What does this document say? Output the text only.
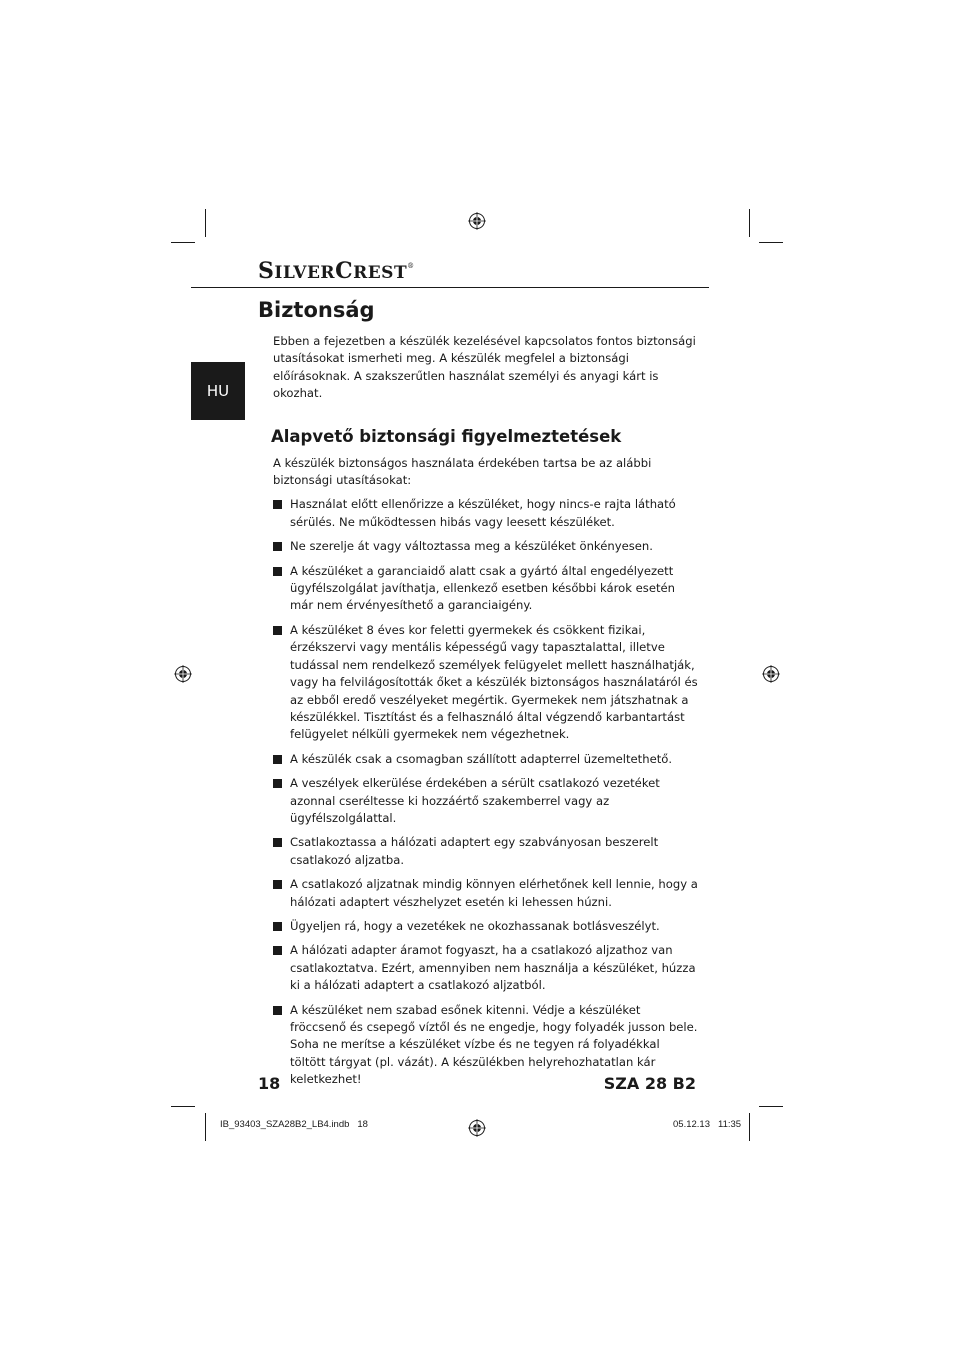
SILVERCREST®
Biztonság
HU

Ebben a fejezetben a készülék kezelésével kapcsolatos fontos biztonsági utasításokat ismerheti meg. A készülék megfelel a biztonsági előírásoknak. A szakszerűtlen használat személyi és anyagi kárt is okozhat.

Alapvető biztonsági figyelmeztetések

A készülék biztonságos használata érdekében tartsa be az alábbi biztonsági utasításokat:

Használat előtt ellenőrizze a készüléket, hogy nincs-e rajta látható sérülés. Ne működtessen hibás vagy leesett készüléket.
Ne szerelje át vagy változtassa meg a készüléket önkényesen.
A készüléket a garanciaidő alatt csak a gyártó által engedélyezett ügyfélszolgálat javíthatja, ellenkező esetben későbbi károk esetén már nem érvényesíthető a garanciaigény.
A készüléket 8 éves kor feletti gyermekek és csökkent fizikai, érzékszervi vagy mentális képességű vagy tapasztalattal, illetve tudással nem rendelkező személyek felügyelet mellett használhatják, vagy ha felvilágosították őket a készülék biztonságos használatáról és az ebből eredő veszélyeket megértik. Gyermekek nem játszhatnak a készülékkel. Tisztítást és a felhasználó által végzendő karbantartást felügyelet nélküli gyermekek nem végezhetnek.
A készülék csak a csomagban szállított adapterrel üzemeltethető.
A veszélyek elkerülése érdekében a sérült csatlakozó vezetéket azonnal cseréltesse ki hozzáértő szakemberrel vagy az ügyfélszolgálattal.
Csatlakoztassa a hálózati adaptert egy szabványosan beszerelt csatlakozó aljzatba.
A csatlakozó aljzatnak mindig könnyen elérhetőnek kell lennie, hogy a hálózati adaptert vészhelyzet esetén ki lehessen húzni.
Ügyeljen rá, hogy a vezetékek ne okozhassanak botlásveszélyt.
A hálózati adapter áramot fogyaszt, ha a csatlakozó aljzathoz van csatlakoztatva. Ezért, amennyiben nem használja a készüléket, húzza ki a hálózati adaptert a csatlakozó aljzatból.
A készüléket nem szabad esőnek kitenni. Védje a készüléket fröccsenő és csepegő víztől és ne engedje, hogy folyadék jusson bele. Soha ne merítse a készüléket vízbe és ne tegyen rá folyadékkal töltött tárgyat (pl. vázát). A készülékben helyrehozhatatlan kár keletkezhet!
18	SZA 28 B2
IB_93403_SZA28B2_LB4.indb   18	05.12.13 11:35
